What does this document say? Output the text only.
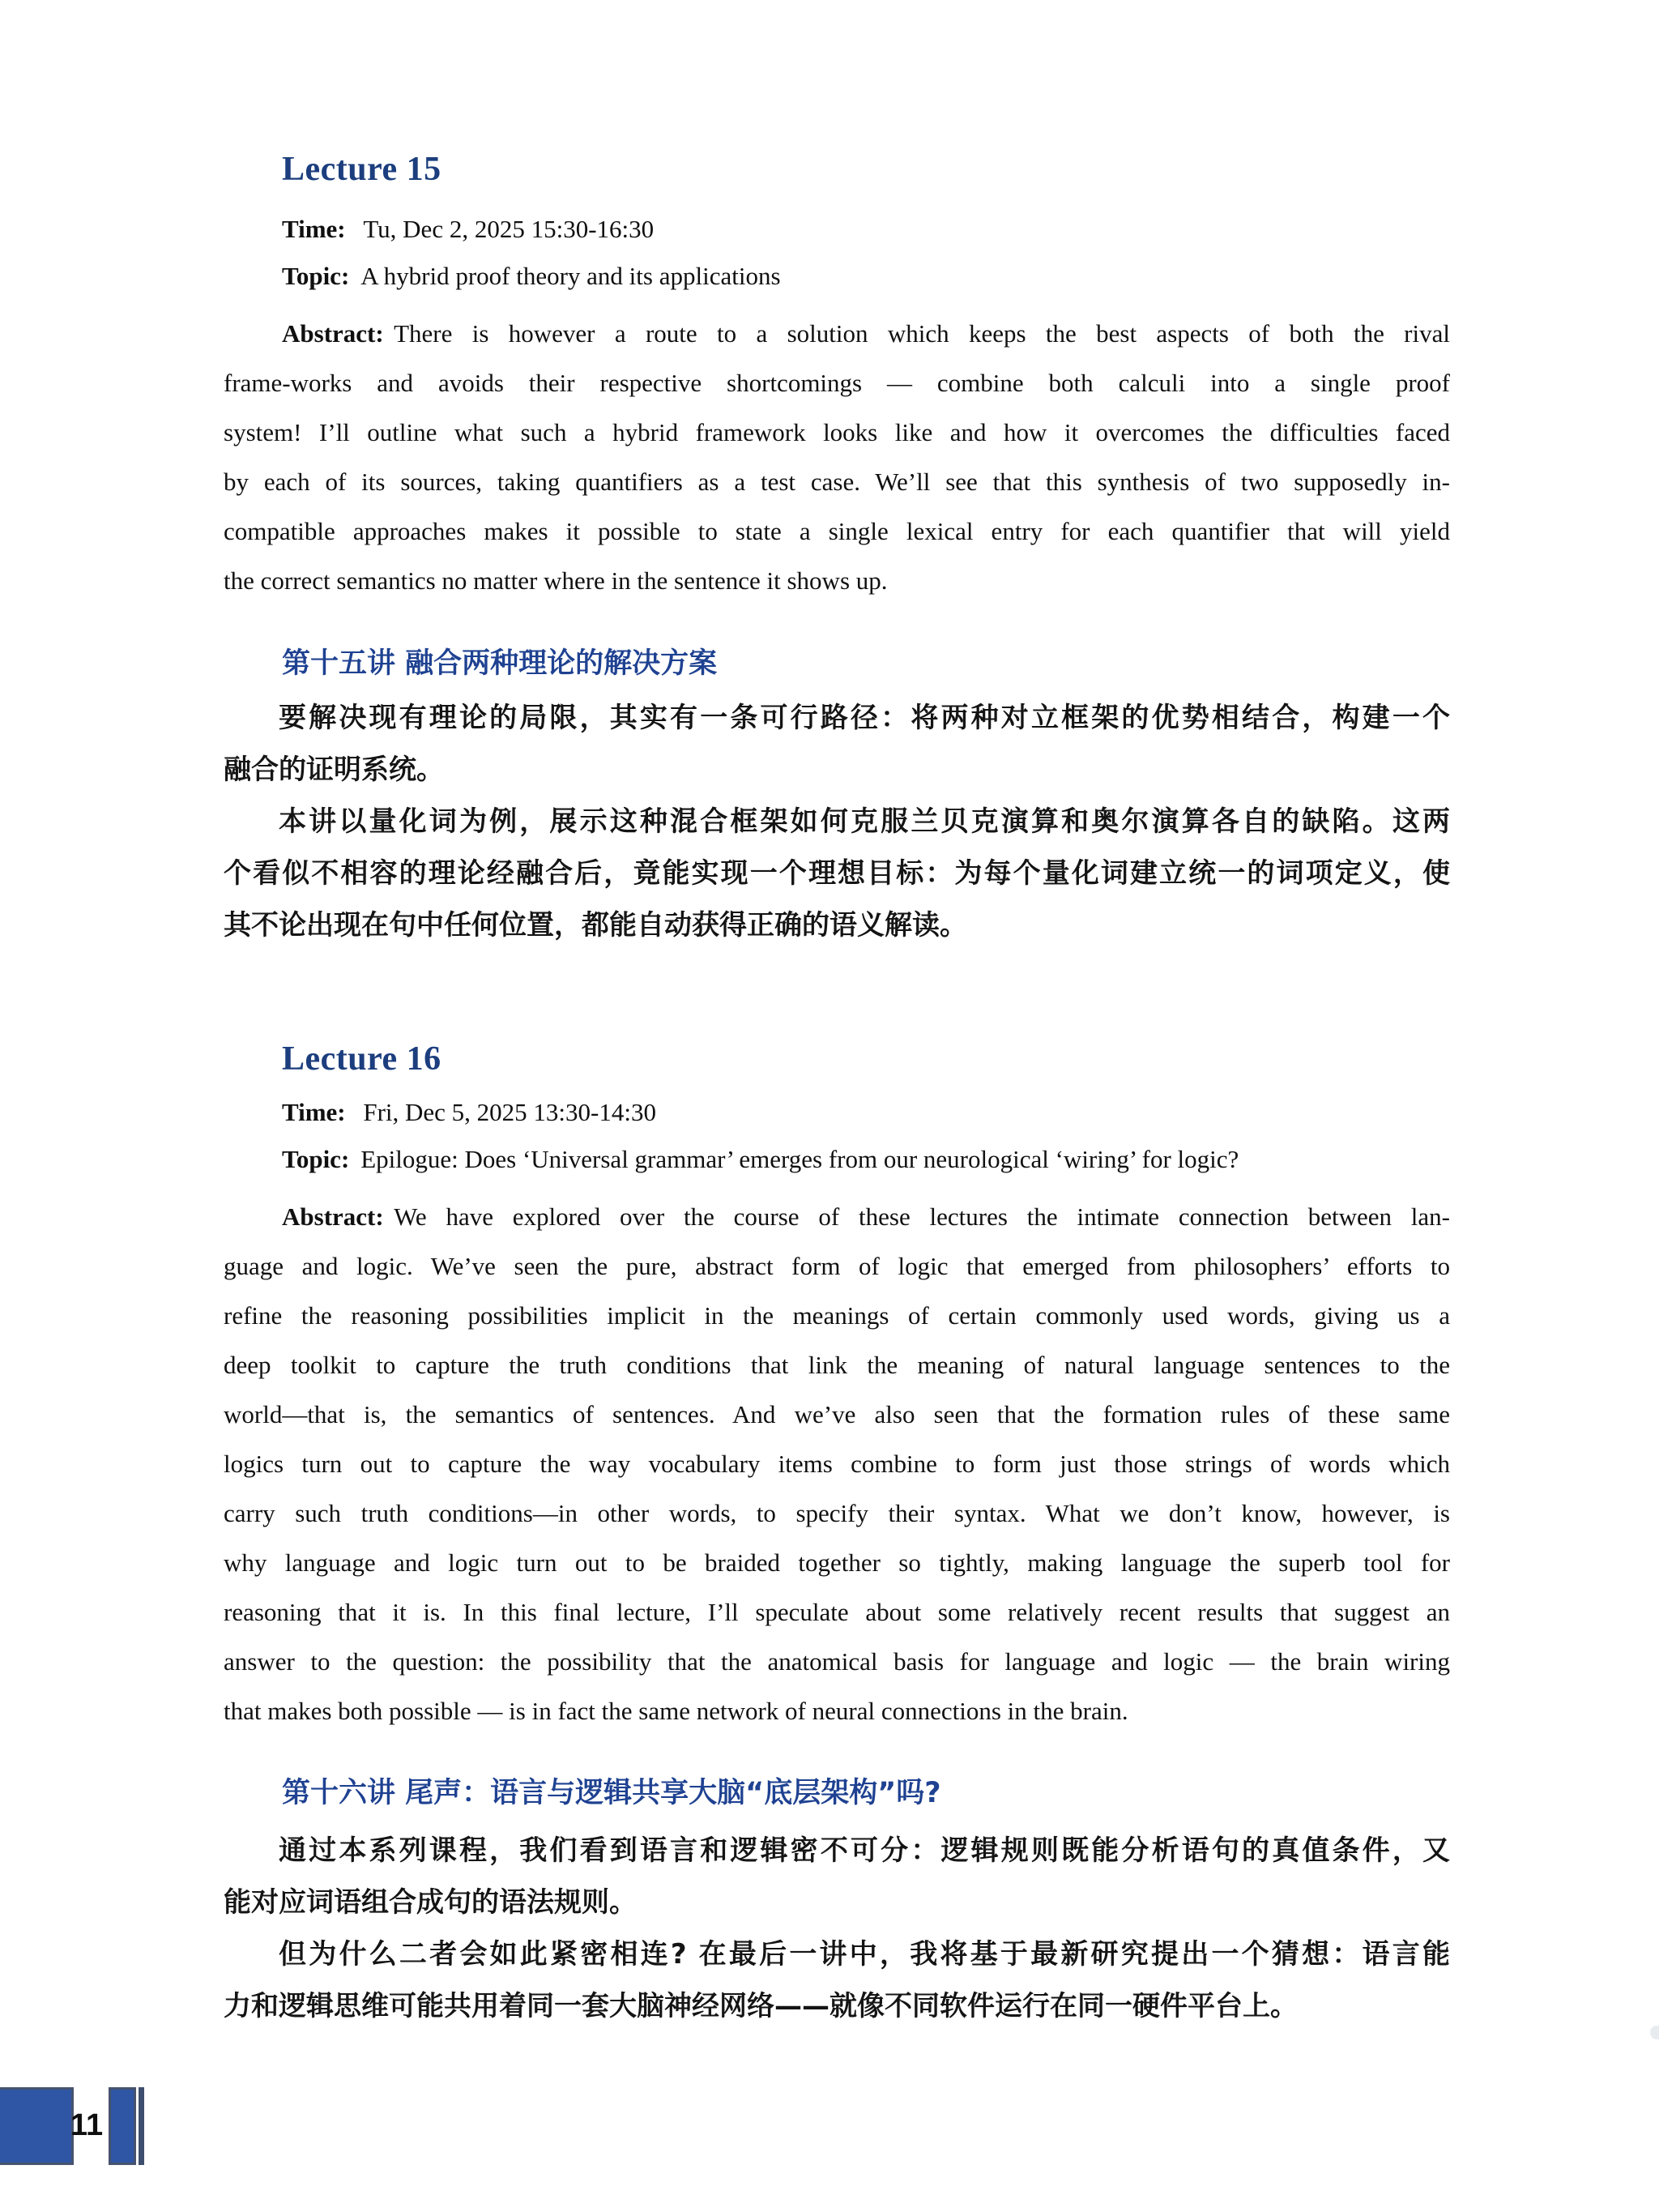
Lecture 15
Time: Tu, Dec 2, 2025 15:30-16:30
Topic: A hybrid proof theory and its applications
Abstract: There is however a route to a solution which keeps the best aspects of both the rival
frame-works and avoids their respective shortcomings — combine both calculi into a single proof
system! I’ll outline what such a hybrid framework looks like and how it overcomes the difficulties faced
by each of its sources, taking quantifiers as a test case. We’ll see that this synthesis of two supposedly in-
compatible approaches makes it possible to state a single lexical entry for each quantifier that will yield
the correct semantics no matter where in the sentence it shows up.
第十五讲 融合两种理论的解决方案
要解决现有理论的局限，其实有一条可行路径：将两种对立框架的优势相结合，构建一个
融合的证明系统。
本讲以量化词为例，展示这种混合框架如何克服兰贝克演算和奥尔演算各自的缺陷。这两
个看似不相容的理论经融合后，竟能实现一个理想目标：为每个量化词建立统一的词项定义，使
其不论出现在句中任何位置，都能自动获得正确的语义解读。
Lecture 16
Time: Fri, Dec 5, 2025 13:30-14:30
Topic: Epilogue: Does ‘Universal grammar’ emerges from our neurological ‘wiring’ for logic?
Abstract: We have explored over the course of these lectures the intimate connection between lan-
guage and logic. We’ve seen the pure, abstract form of logic that emerged from philosophers’ efforts to
refine the reasoning possibilities implicit in the meanings of certain commonly used words, giving us a
deep toolkit to capture the truth conditions that link the meaning of natural language sentences to the
world—that is, the semantics of sentences. And we’ve also seen that the formation rules of these same
logics turn out to capture the way vocabulary items combine to form just those strings of words which
carry such truth conditions—in other words, to specify their syntax. What we don’t know, however, is
why language and logic turn out to be braided together so tightly, making language the superb tool for
reasoning that it is. In this final lecture, I’ll speculate about some relatively recent results that suggest an
answer to the question: the possibility that the anatomical basis for language and logic — the brain wiring
that makes both possible — is in fact the same network of neural connections in the brain.
第十六讲 尾声：语言与逻辑共享大脑“底层架构”吗?
通过本系列课程，我们看到语言和逻辑密不可分：逻辑规则既能分析语句的真值条件，又
能对应词语组合成句的语法规则。
但为什么二者会如此紧密相连? 在最后一讲中，我将基于最新研究提出一个猜想：语言能
力和逻辑思维可能共用着同一套大脑神经网络——就像不同软件运行在同一硬件平台上。
11
